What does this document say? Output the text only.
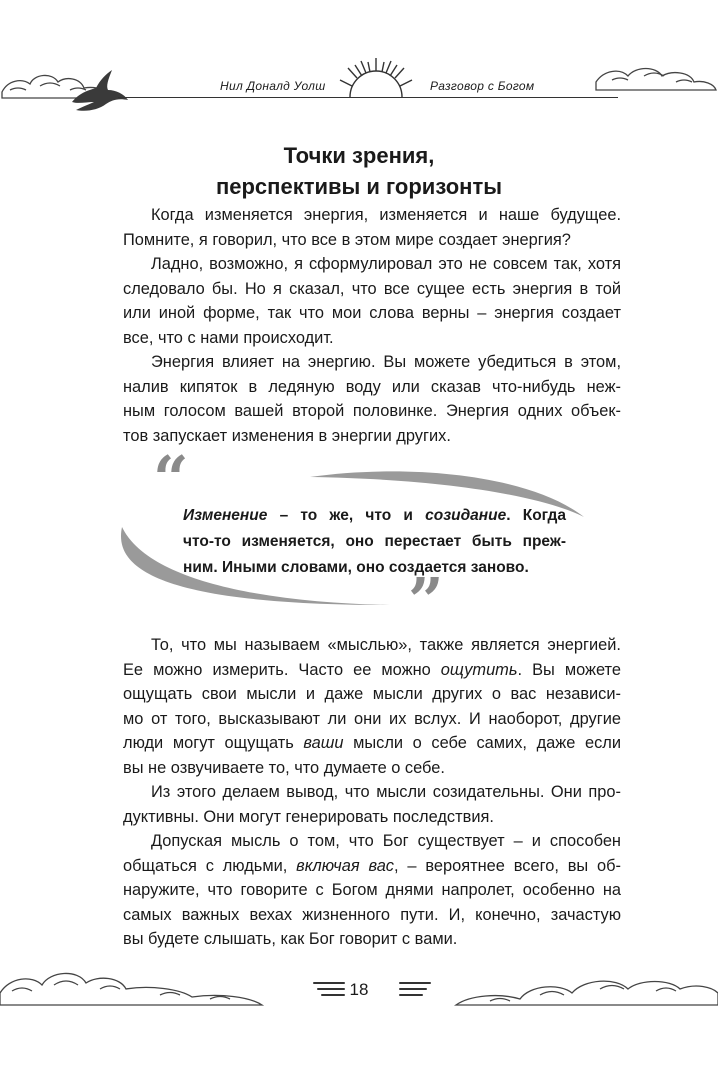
Нил Доналд Уолш	Разговор с Богом
Точки зрения,
перспективы и горизонты
Когда изменяется энергия, изменяется и наше будущее.
Помните, я говорил, что все в этом мире создает энергия?
Ладно, возможно, я сформулировал это не совсем так, хотя
следовало бы. Но я сказал, что все сущее есть энергия в той
или иной форме, так что мои слова верны – энергия создает
все, что с нами происходит.
Энергия влияет на энергию. Вы можете убедиться в этом,
налив кипяток в ледяную воду или сказав что-нибудь неж-
ным голосом вашей второй половинке. Энергия одних объек-
тов запускает изменения в энергии других.
“
”
Изменение – то же, что и созидание. Когда
что-то изменяется, оно перестает быть преж-
ним. Иными словами, оно создается заново.
То, что мы называем «мыслью», также является энергией.
Ее можно измерить. Часто ее можно ощутить. Вы можете
ощущать свои мысли и даже мысли других о вас независи-
мо от того, высказывают ли они их вслух. И наоборот, другие
люди могут ощущать ваши мысли о себе самих, даже если
вы не озвучиваете то, что думаете о себе.
Из этого делаем вывод, что мысли созидательны. Они про-
дуктивны. Они могут генерировать последствия.
Допуская мысль о том, что Бог существует – и способен
общаться с людьми, включая вас, – вероятнее всего, вы об-
наружите, что говорите с Богом днями напролет, особенно на
самых важных вехах жизненного пути. И, конечно, зачастую
вы будете слышать, как Бог говорит с вами.
18
